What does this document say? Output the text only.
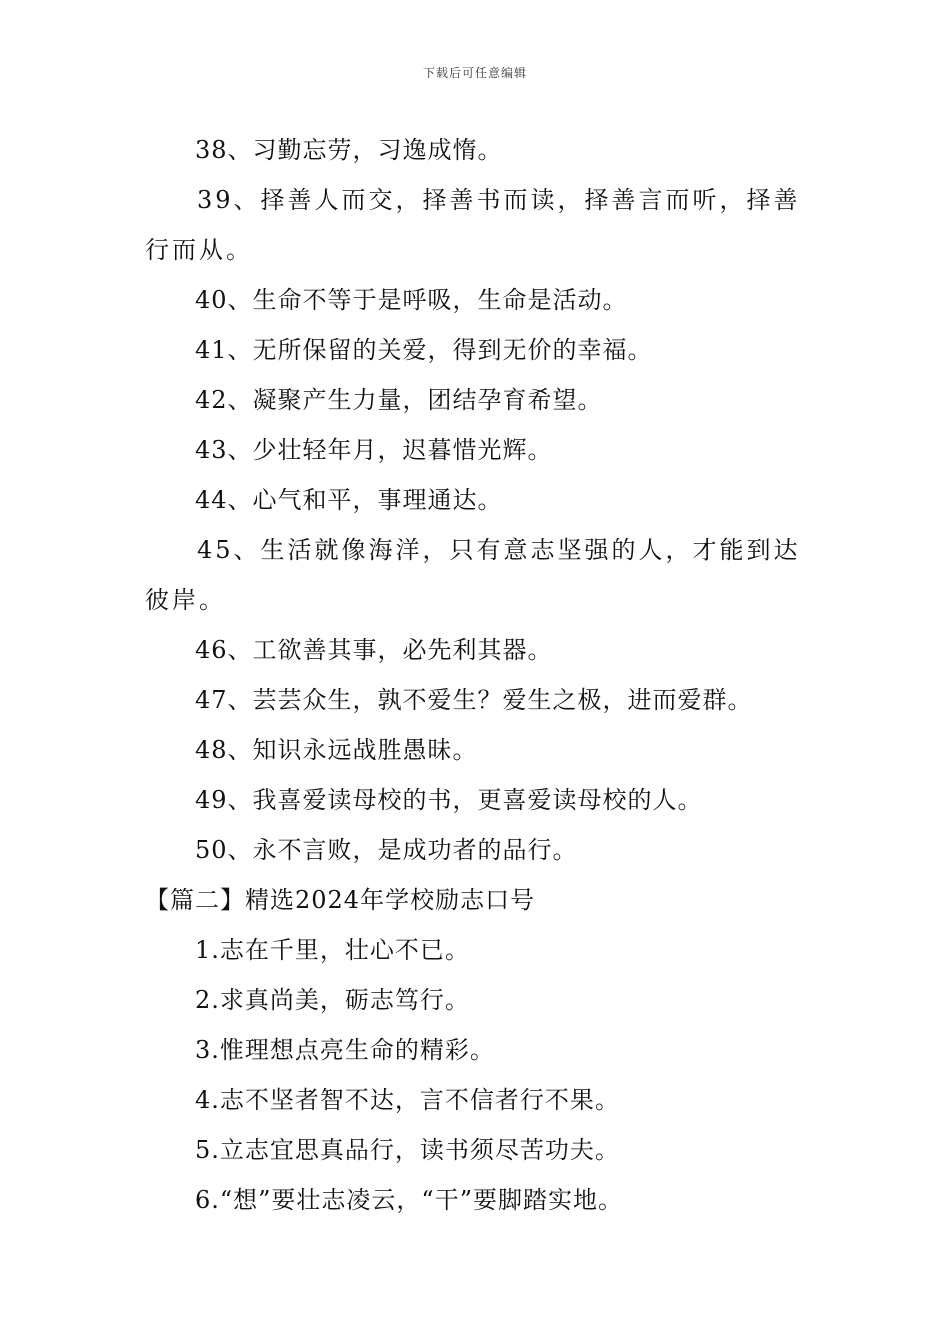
下载后可任意编辑
38、习勤忘劳，习逸成惰。
39、择善人而交，择善书而读，择善言而听，择善行而从。
40、生命不等于是呼吸，生命是活动。
41、无所保留的关爱，得到无价的幸福。
42、凝聚产生力量，团结孕育希望。
43、少壮轻年月，迟暮惜光辉。
44、心气和平，事理通达。
45、生活就像海洋，只有意志坚强的人，才能到达彼岸。
46、工欲善其事，必先利其器。
47、芸芸众生，孰不爱生？爱生之极，进而爱群。
48、知识永远战胜愚昧。
49、我喜爱读母校的书，更喜爱读母校的人。
50、永不言败，是成功者的品行。
【篇二】精选2024年学校励志口号
1.志在千里，壮心不已。
2.求真尚美，砺志笃行。
3.惟理想点亮生命的精彩。
4.志不坚者智不达，言不信者行不果。
5.立志宜思真品行，读书须尽苦功夫。
6.“想”要壮志凌云，“干”要脚踏实地。
